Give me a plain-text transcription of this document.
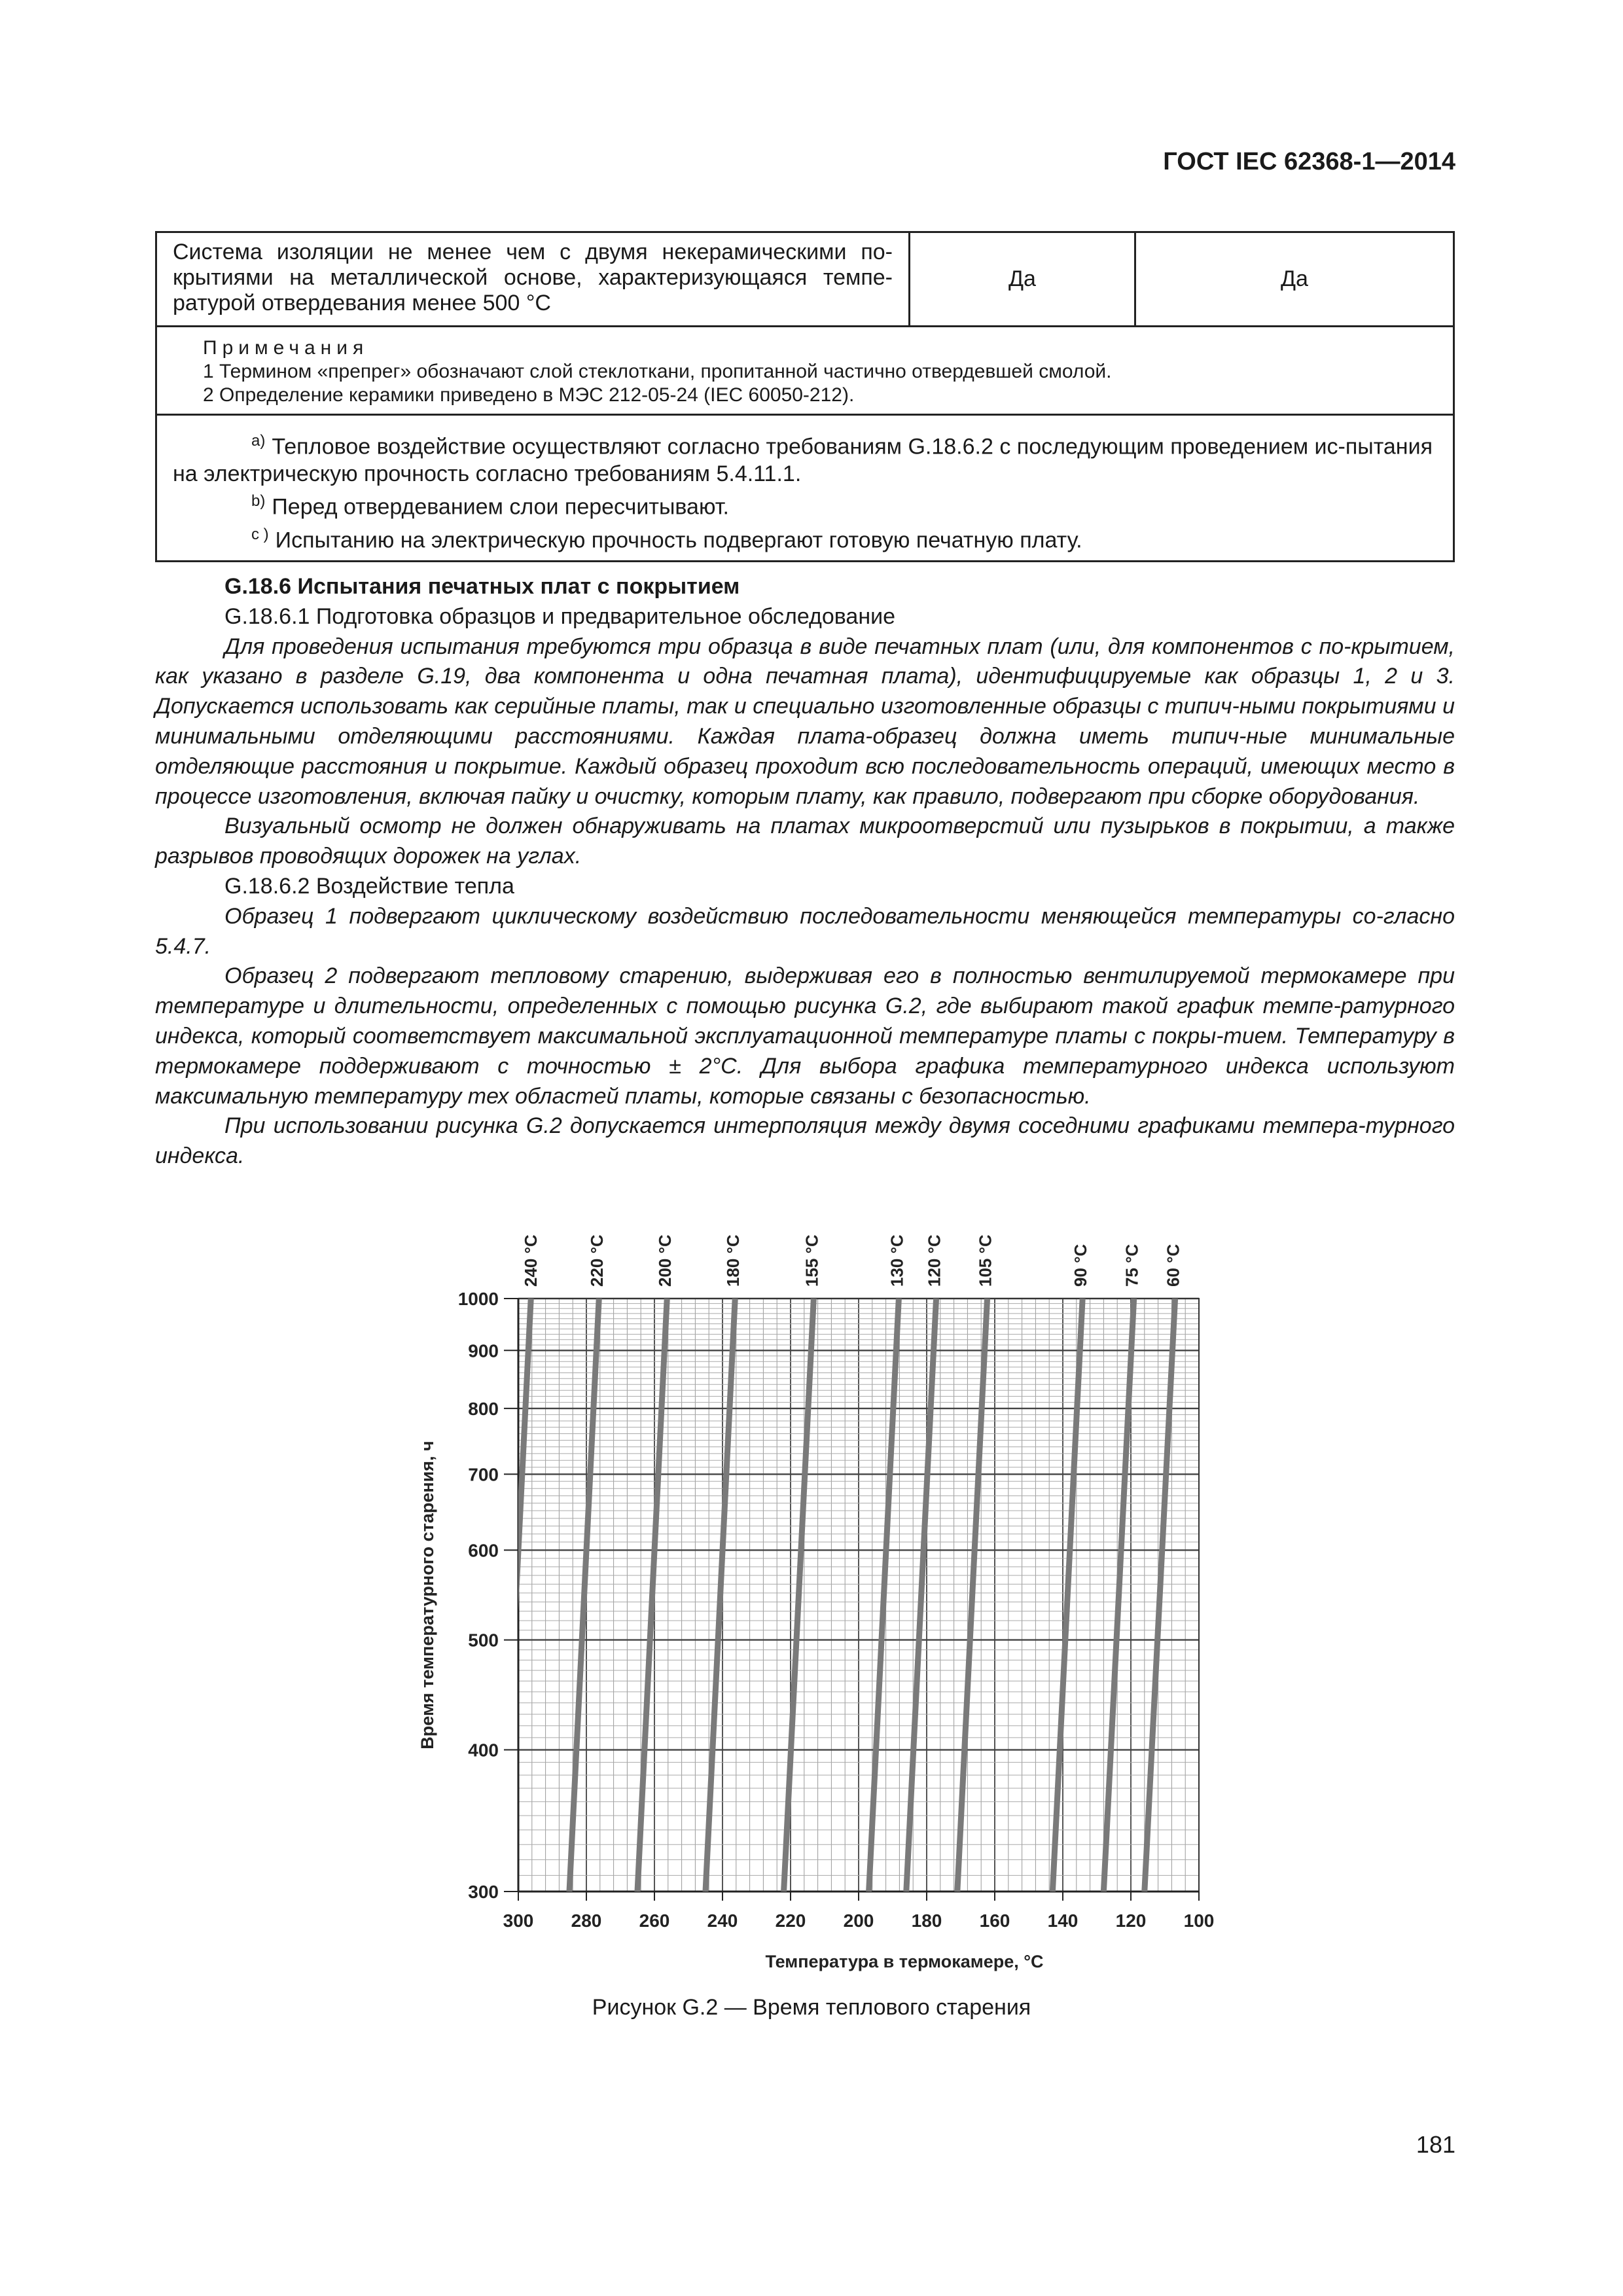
ГОСТ IEC 62368-1—2014
Система изоляции не менее чем с двумя некерамическими по-крытиями на металлической основе, характеризующаяся темпе-ратурой отвердевания менее 500 °С	Да	Да

Примечания
1 Термином «препрег» обозначают слой стеклоткани, пропитанной частично отвердевшей смолой.
2 Определение керамики приведено в МЭС 212-05-24 (IEC 60050-212).

$^{a)}$ Тепловое воздействие осуществляют согласно требованиям G.18.6.2 с последующим проведением ис-пытания на электрическую прочность согласно требованиям 5.4.11.1.
$^{b)}$ Перед отвердеванием слои пересчитывают.
$^{c )}$ Испытанию на электрическую прочность подвергают готовую печатную плату.

G.18.6 Испытания печатных плат с покрытием

G.18.6.1 Подготовка образцов и предварительное обследование

Для проведения испытания требуются три образца в виде печатных плат (или, для компонентов с по-крытием, как указано в разделе G.19, два компонента и одна печатная плата), идентифицируемые как образцы 1, 2 и 3. Допускается использовать как серийные платы, так и специально изготовленные образцы с типич-ными покрытиями и минимальными отделяющими расстояниями. Каждая плата-образец должна иметь типич-ные минимальные отделяющие расстояния и покрытие. Каждый образец проходит всю последовательность операций, имеющих место в процессе изготовления, включая пайку и очистку, которым плату, как правило, подвергают при сборке оборудования.

Визуальный осмотр не должен обнаруживать на платах микроотверстий или пузырьков в покрытии, а также разрывов проводящих дорожек на углах.

G.18.6.2 Воздействие тепла

Образец 1 подвергают циклическому воздействию последовательности меняющейся температуры со-гласно 5.4.7.

Образец 2 подвергают тепловому старению, выдерживая его в полностью вентилируемой термокамере при температуре и длительности, определенных с помощью рисунка G.2, где выбирают такой график темпе-ратурного индекса, который соответствует максимальной эксплуатационной температуре платы с покры-тием. Температуру в термокамере поддерживают с точностью ± 2°C. Для выбора графика температурного индекса используют максимальную температуру тех областей платы, которые связаны с безопасностью.

При использовании рисунка G.2 допускается интерполяция между двумя соседними графиками темпера-турного индекса.

300 280 260 240 220 200 180 160 140 120 100
300
400
500
600
700
800
900
1000
Температура в термокамере, °С
Время температурного старения, ч
240 °С	220 °С	200 °С	180 °С	155 °С	130 °С 120 °С 105 °С	90 °С 75 °С 60 °С
Рисунок G.2 — Время теплового старения
181
